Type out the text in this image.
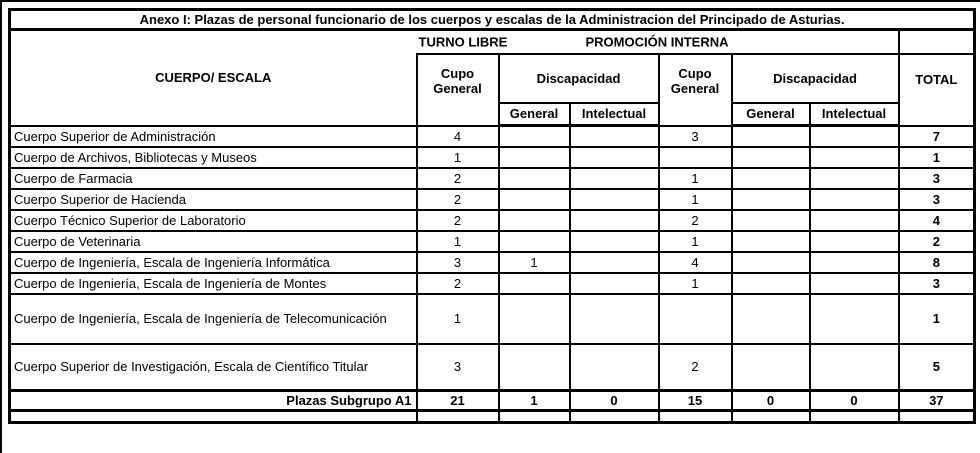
Anexo I: Plazas de personal funcionario de los cuerpos y escalas de la Administracion del Principado de Asturias.							
CUERPO/ ESCALA	TURNO LIBRE PROMOCIÓN INTERNA						

	Cupo General	Discapacidad		Cupo General	Discapacidad		TOTAL
		General	Intelectual		General	Intelectual	
Cuerpo Superior de Administración	4			3			7
Cuerpo de Archivos, Bibliotecas y Museos	1						1
Cuerpo de Farmacia	2			1			3
Cuerpo Superior de Hacienda	2			1			3
Cuerpo Técnico Superior de Laboratorio	2			2			4
Cuerpo de Veterinaria	1			1			2
Cuerpo de Ingeniería, Escala de Ingeniería Informática	3	1		4			8
Cuerpo de Ingeniería, Escala de Ingeniería de Montes	2			1			3
Cuerpo de Ingeniería, Escala de Ingeniería de Telecomunicación	1						1
Cuerpo Superior de Investigación, Escala de Científico Titular	3			2			5
Plazas Subgrupo A1	21	1	0	15	0	0	37
